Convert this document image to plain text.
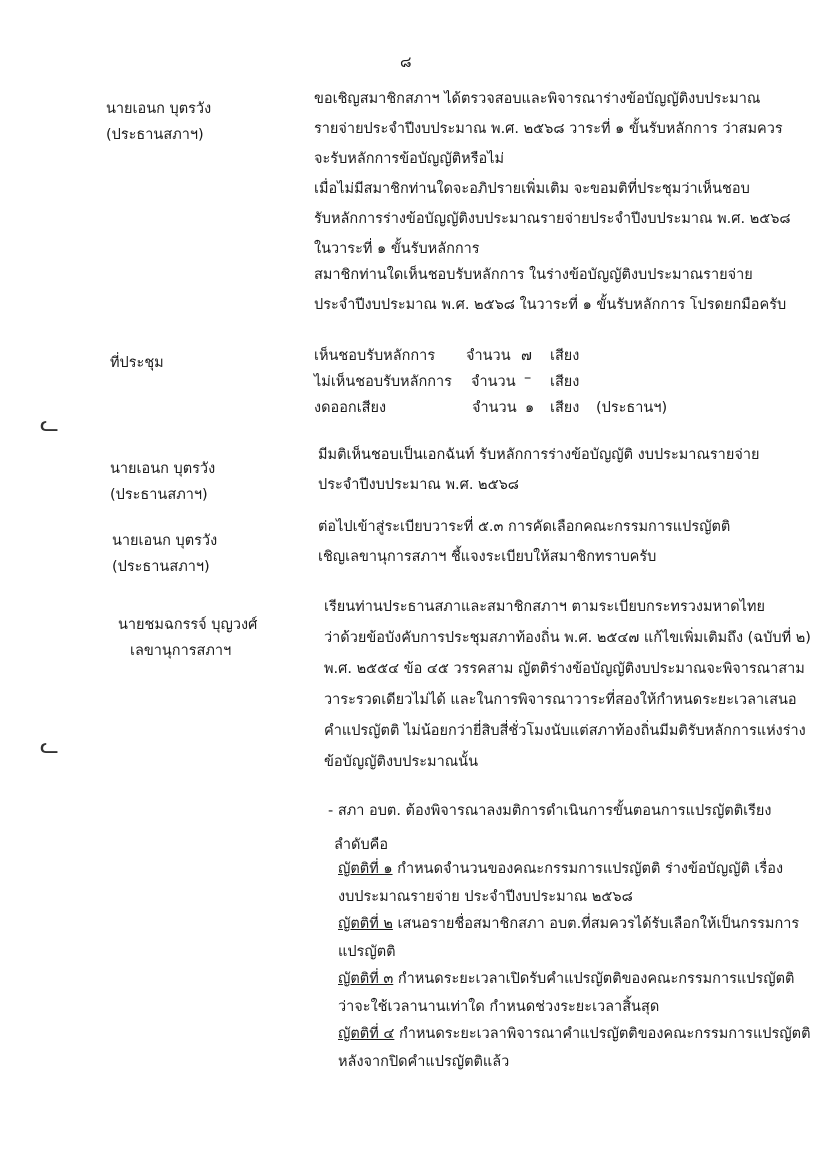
๘
นายเอนก บุตรวัง
(ประธานสภาฯ)
ขอเชิญสมาชิกสภาฯ ได้ตรวจสอบและพิจารณาร่างข้อบัญญัติงบประมาณ
รายจ่ายประจำปีงบประมาณ พ.ศ. ๒๕๖๘ วาระที่ ๑ ขั้นรับหลักการ ว่าสมควร
จะรับหลักการข้อบัญญัติหรือไม่
เมื่อไม่มีสมาชิกท่านใดจะอภิปรายเพิ่มเติม จะขอมติที่ประชุมว่าเห็นชอบ
รับหลักการร่างข้อบัญญัติงบประมาณรายจ่ายประจำปีงบประมาณ พ.ศ. ๒๕๖๘
ในวาระที่ ๑ ขั้นรับหลักการ
สมาชิกท่านใดเห็นชอบรับหลักการ ในร่างข้อบัญญัติงบประมาณรายจ่าย
ประจำปีงบประมาณ พ.ศ. ๒๕๖๘ ในวาระที่ ๑ ขั้นรับหลักการ โปรดยกมือครับ
ที่ประชุม	เห็นชอบรับหลักการ จำนวน ๗ เสียง
ไม่เห็นชอบรับหลักการ จำนวน – เสียง
งดออกเสียง	จำนวน ๑ เสียง (ประธานฯ)
ᓚ
นายเอนก บุตรวัง
(ประธานสภาฯ)
มีมติเห็นชอบเป็นเอกฉันท์ รับหลักการร่างข้อบัญญัติ งบประมาณรายจ่าย
ประจำปีงบประมาณ พ.ศ. ๒๕๖๘
นายเอนก บุตรวัง
(ประธานสภาฯ)
ต่อไปเข้าสู่ระเบียบวาระที่ ๕.๓ การคัดเลือกคณะกรรมการแปรญัตติ
เชิญเลขานุการสภาฯ ชี้แจงระเบียบให้สมาชิกทราบครับ
นายชมฉกรรจ์ บุญวงศ์
เลขานุการสภาฯ
เรียนท่านประธานสภาและสมาชิกสภาฯ ตามระเบียบกระทรวงมหาดไทย
ว่าด้วยข้อบังคับการประชุมสภาท้องถิ่น พ.ศ. ๒๕๔๗ แก้ไขเพิ่มเติมถึง (ฉบับที่ ๒)
พ.ศ. ๒๕๕๔ ข้อ ๔๕ วรรคสาม ญัตติร่างข้อบัญญัติงบประมาณจะพิจารณาสาม
วาระรวดเดียวไม่ได้ และในการพิจารณาวาระที่สองให้กำหนดระยะเวลาเสนอ
คำแปรญัตติ ไม่น้อยกว่ายี่สิบสี่ชั่วโมงนับแต่สภาท้องถิ่นมีมติรับหลักการแห่งร่าง
ข้อบัญญัติงบประมาณนั้น
ᓚ
- สภา อบต. ต้องพิจารณาลงมติการดำเนินการขั้นตอนการแปรญัตติเรียง
ลำดับคือ
ญัตติที่ ๑ กำหนดจำนวนของคณะกรรมการแปรญัตติ ร่างข้อบัญญัติ เรื่อง
งบประมาณรายจ่าย ประจำปีงบประมาณ ๒๕๖๘
ญัตติที่ ๒ เสนอรายชื่อสมาชิกสภา อบต.ที่สมควรได้รับเลือกให้เป็นกรรมการ
แปรญัตติ
ญัตติที่ ๓ กำหนดระยะเวลาเปิดรับคำแปรญัตติของคณะกรรมการแปรญัตติ
ว่าจะใช้เวลานานเท่าใด กำหนดช่วงระยะเวลาสิ้นสุด
ญัตติที่ ๔ กำหนดระยะเวลาพิจารณาคำแปรญัตติของคณะกรรมการแปรญัตติ
หลังจากปิดคำแปรญัตติแล้ว
